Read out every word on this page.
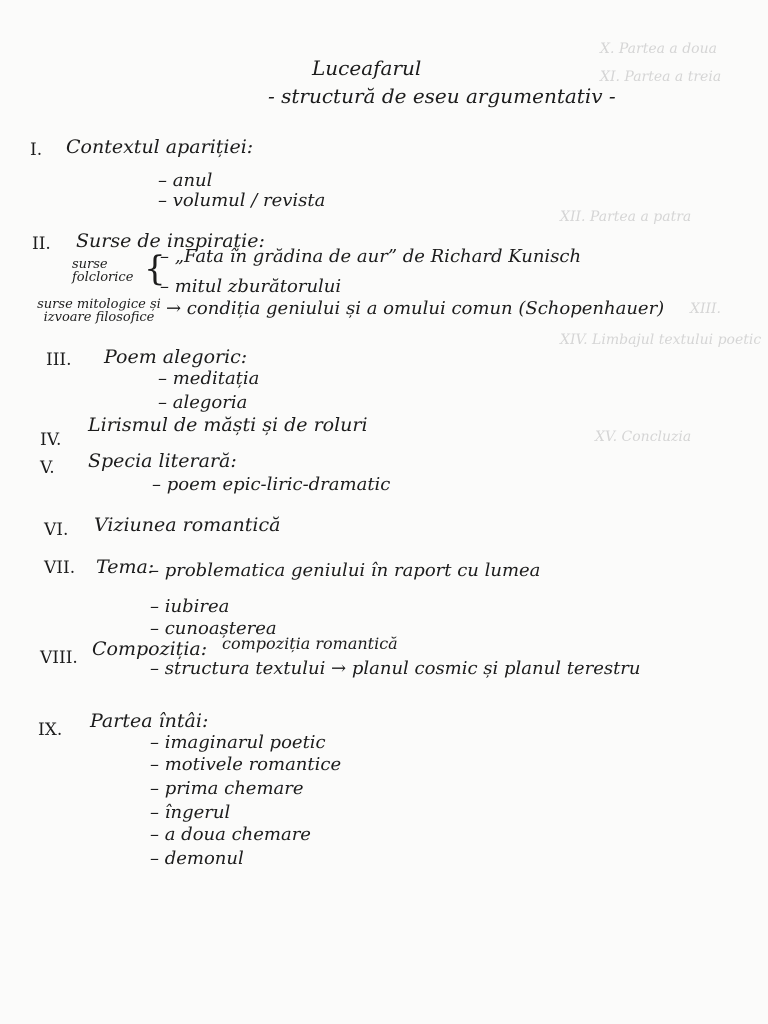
X. Partea a doua
XI. Partea a treia
XII. Partea a patra
XIII.
XIV. Limbajul textului poetic
XV. Concluzia
Luceafarul
- structură de eseu argumentativ -
I. Contextul apariției:
– anul
– volumul / revista
II. Surse de inspirație:
surse folclorice {
– „Fata în grădina de aur” de Richard Kunisch
– mitul zburătorului
surse mitologice și izvoare filosofice → condiția geniului și a omului comun (Schopenhauer)
III. Poem alegoric:
– meditația
– alegoria
IV.
Lirismul de măști și de roluri
V. Specia literară:
– poem epic-liric-dramatic
VI. Viziunea romantică
VII. Tema:
– problematica geniului în raport cu lumea
– iubirea
– cunoașterea
VIII. Compoziția: compoziția romantică
– structura textului → planul cosmic și planul terestru
IX. Partea întâi:
– imaginarul poetic
– motivele romantice
– prima chemare
– îngerul
– a doua chemare
– demonul
